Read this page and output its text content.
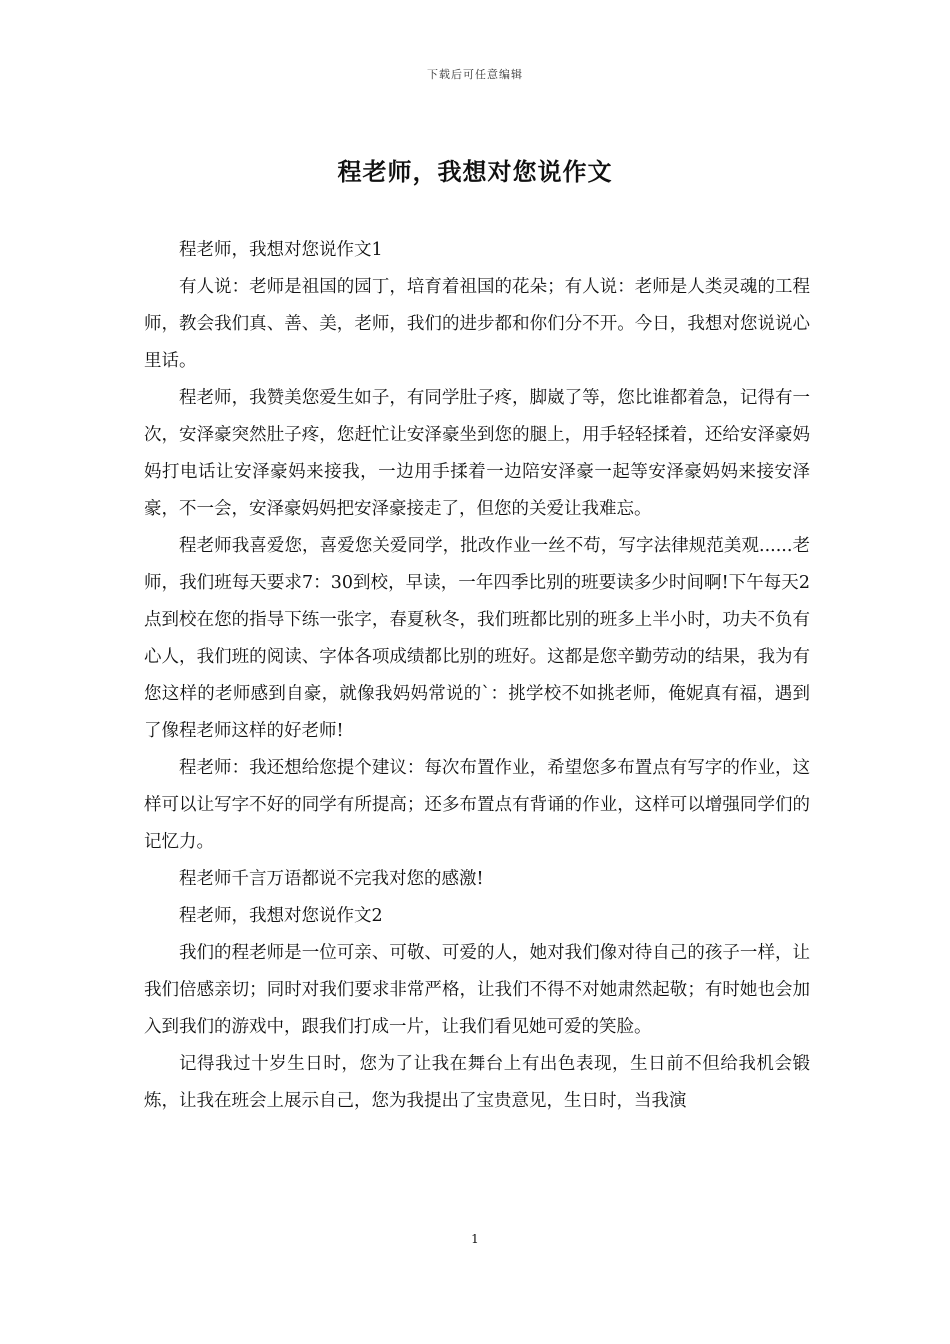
下载后可任意编辑
程老师，我想对您说作文

程老师，我想对您说作文1

有人说：老师是祖国的园丁，培育着祖国的花朵；有人说：老师是人类灵魂的工程师，教会我们真、善、美，老师，我们的进步都和你们分不开。今日，我想对您说说心里话。

程老师，我赞美您爱生如子，有同学肚子疼，脚崴了等，您比谁都着急，记得有一次，安泽豪突然肚子疼，您赶忙让安泽豪坐到您的腿上，用手轻轻揉着，还给安泽豪妈妈打电话让安泽豪妈来接我，一边用手揉着一边陪安泽豪一起等安泽豪妈妈来接安泽豪，不一会，安泽豪妈妈把安泽豪接走了，但您的关爱让我难忘。

程老师我喜爱您，喜爱您关爱同学，批改作业一丝不苟，写字法律规范美观......老师，我们班每天要求7：30到校，早读，一年四季比别的班要读多少时间啊!下午每天2点到校在您的指导下练一张字，春夏秋冬，我们班都比别的班多上半小时，功夫不负有心人，我们班的阅读、字体各项成绩都比别的班好。这都是您辛勤劳动的结果，我为有您这样的老师感到自豪，就像我妈妈常说的`：挑学校不如挑老师，俺妮真有福，遇到了像程老师这样的好老师!

程老师：我还想给您提个建议：每次布置作业，希望您多布置点有写字的作业，这样可以让写字不好的同学有所提高；还多布置点有背诵的作业，这样可以增强同学们的记忆力。

程老师千言万语都说不完我对您的感激!

程老师，我想对您说作文2

我们的程老师是一位可亲、可敬、可爱的人，她对我们像对待自己的孩子一样，让我们倍感亲切；同时对我们要求非常严格，让我们不得不对她肃然起敬；有时她也会加入到我们的游戏中，跟我们打成一片，让我们看见她可爱的笑脸。

记得我过十岁生日时，您为了让我在舞台上有出色表现，生日前不但给我机会锻炼，让我在班会上展示自己，您为我提出了宝贵意见，生日时，当我演

1
